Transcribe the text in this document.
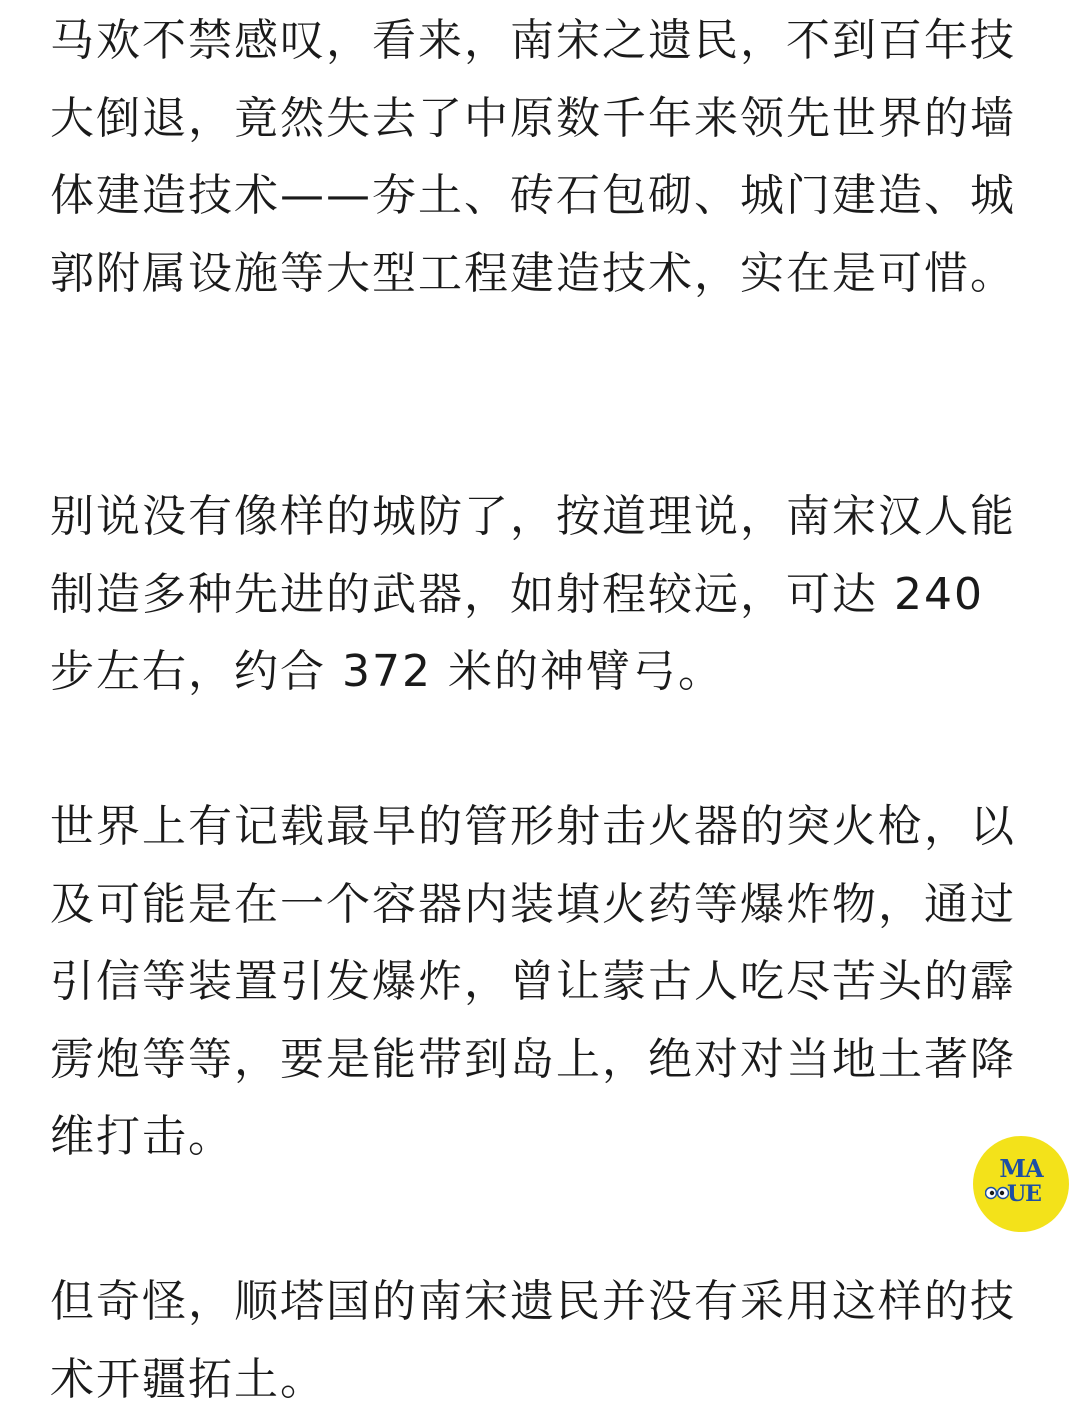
马欢不禁感叹，看来，南宋之遗民，不到百年技大倒退，竟然失去了中原数千年来领先世界的墙体建造技术——夯土、砖石包砌、城门建造、城郭附属设施等大型工程建造技术，实在是可惜。

别说没有像样的城防了，按道理说，南宋汉人能制造多种先进的武器，如射程较远，可达 240 步左右，约合 372 米的神臂弓。

世界上有记载最早的管形射击火器的突火枪，以及可能是在一个容器内装填火药等爆炸物，通过引信等装置引发爆炸，曾让蒙古人吃尽苦头的霹雳炮等等，要是能带到岛上，绝对对当地土著降维打击。

但奇怪，顺塔国的南宋遗民并没有采用这样的技术开疆拓土。

MA
UE
